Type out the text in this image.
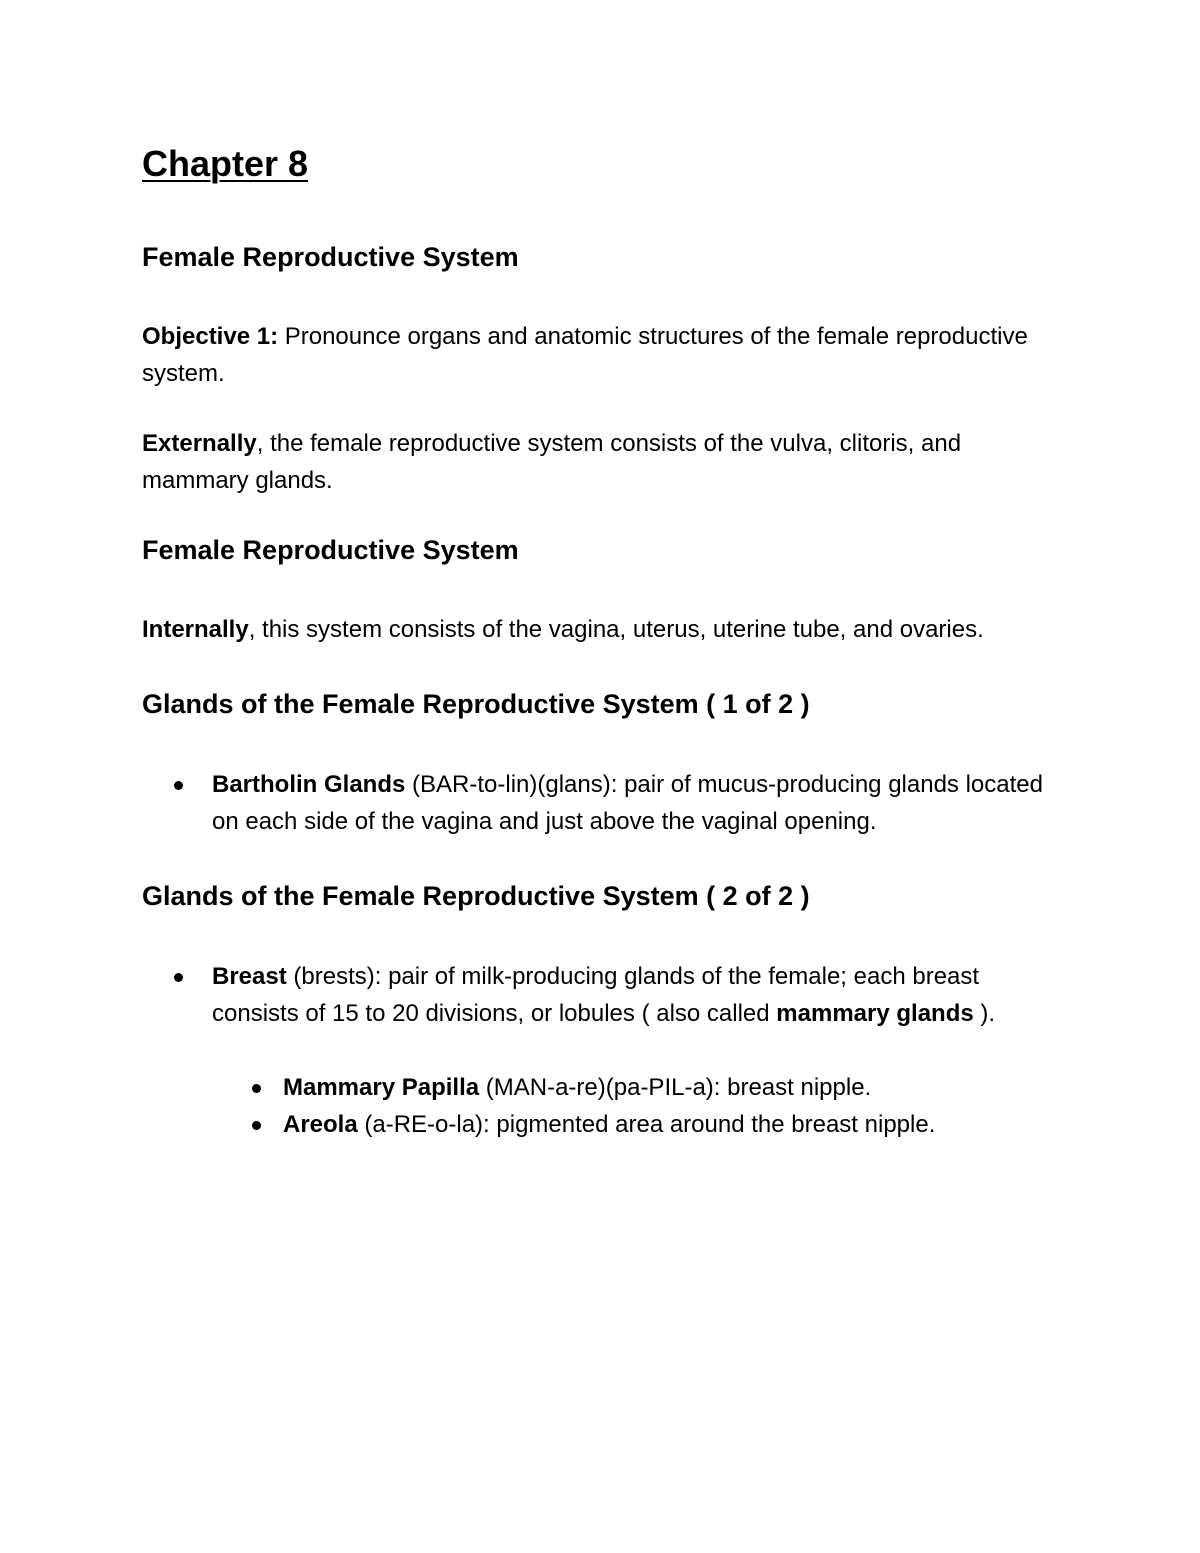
Chapter 8
Female Reproductive System

Objective 1: Pronounce organs and anatomic structures of the female reproductive system.

Externally, the female reproductive system consists of the vulva, clitoris, and mammary glands.

Female Reproductive System

Internally, this system consists of the vagina, uterus, uterine tube, and ovaries.

Glands of the Female Reproductive System ( 1 of 2 )
Bartholin Glands (BAR-to-lin)(glans): pair of mucus-producing glands located on each side of the vagina and just above the vaginal opening.
Glands of the Female Reproductive System ( 2 of 2 )
Breast (brests): pair of milk-producing glands of the female; each breast consists of 15 to 20 divisions, or lobules ( also called mammary glands ).
Mammary Papilla (MAN-a-re)(pa-PIL-a): breast nipple.
Areola (a-RE-o-la): pigmented area around the breast nipple.
